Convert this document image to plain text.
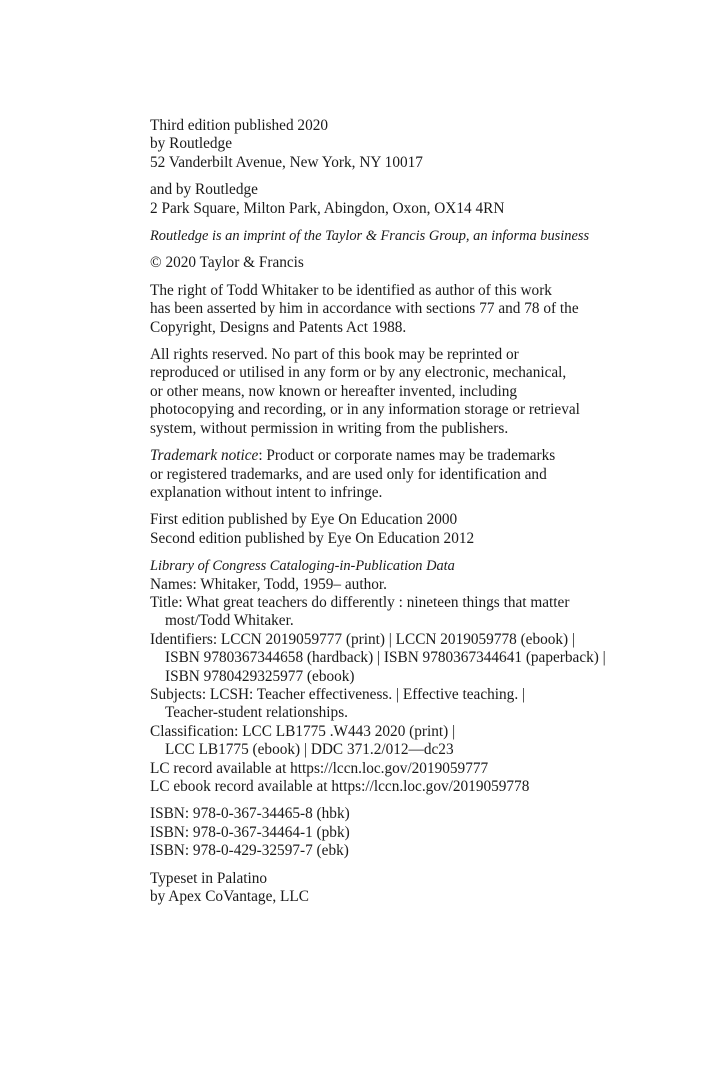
Third edition published 2020
by Routledge
52 Vanderbilt Avenue, New York, NY 10017
and by Routledge
2 Park Square, Milton Park, Abingdon, Oxon, OX14 4RN
Routledge is an imprint of the Taylor & Francis Group, an informa business
© 2020 Taylor & Francis
The right of Todd Whitaker to be identified as author of this work
has been asserted by him in accordance with sections 77 and 78 of the
Copyright, Designs and Patents Act 1988.
All rights reserved. No part of this book may be reprinted or
reproduced or utilised in any form or by any electronic, mechanical,
or other means, now known or hereafter invented, including
photocopying and recording, or in any information storage or retrieval
system, without permission in writing from the publishers.
Trademark notice: Product or corporate names may be trademarks
or registered trademarks, and are used only for identification and
explanation without intent to infringe.
First edition published by Eye On Education 2000
Second edition published by Eye On Education 2012
Library of Congress Cataloging-in-Publication Data
Names: Whitaker, Todd, 1959– author.
Title: What great teachers do differently : nineteen things that matter
most/Todd Whitaker.
Identifiers: LCCN 2019059777 (print) | LCCN 2019059778 (ebook) |
ISBN 9780367344658 (hardback) | ISBN 9780367344641 (paperback) |
ISBN 9780429325977 (ebook)
Subjects: LCSH: Teacher effectiveness. | Effective teaching. |
Teacher-student relationships.
Classification: LCC LB1775 .W443 2020 (print) |
LCC LB1775 (ebook) | DDC 371.2/012—dc23
LC record available at https://lccn.loc.gov/2019059777
LC ebook record available at https://lccn.loc.gov/2019059778
ISBN: 978-0-367-34465-8 (hbk)
ISBN: 978-0-367-34464-1 (pbk)
ISBN: 978-0-429-32597-7 (ebk)
Typeset in Palatino
by Apex CoVantage, LLC
